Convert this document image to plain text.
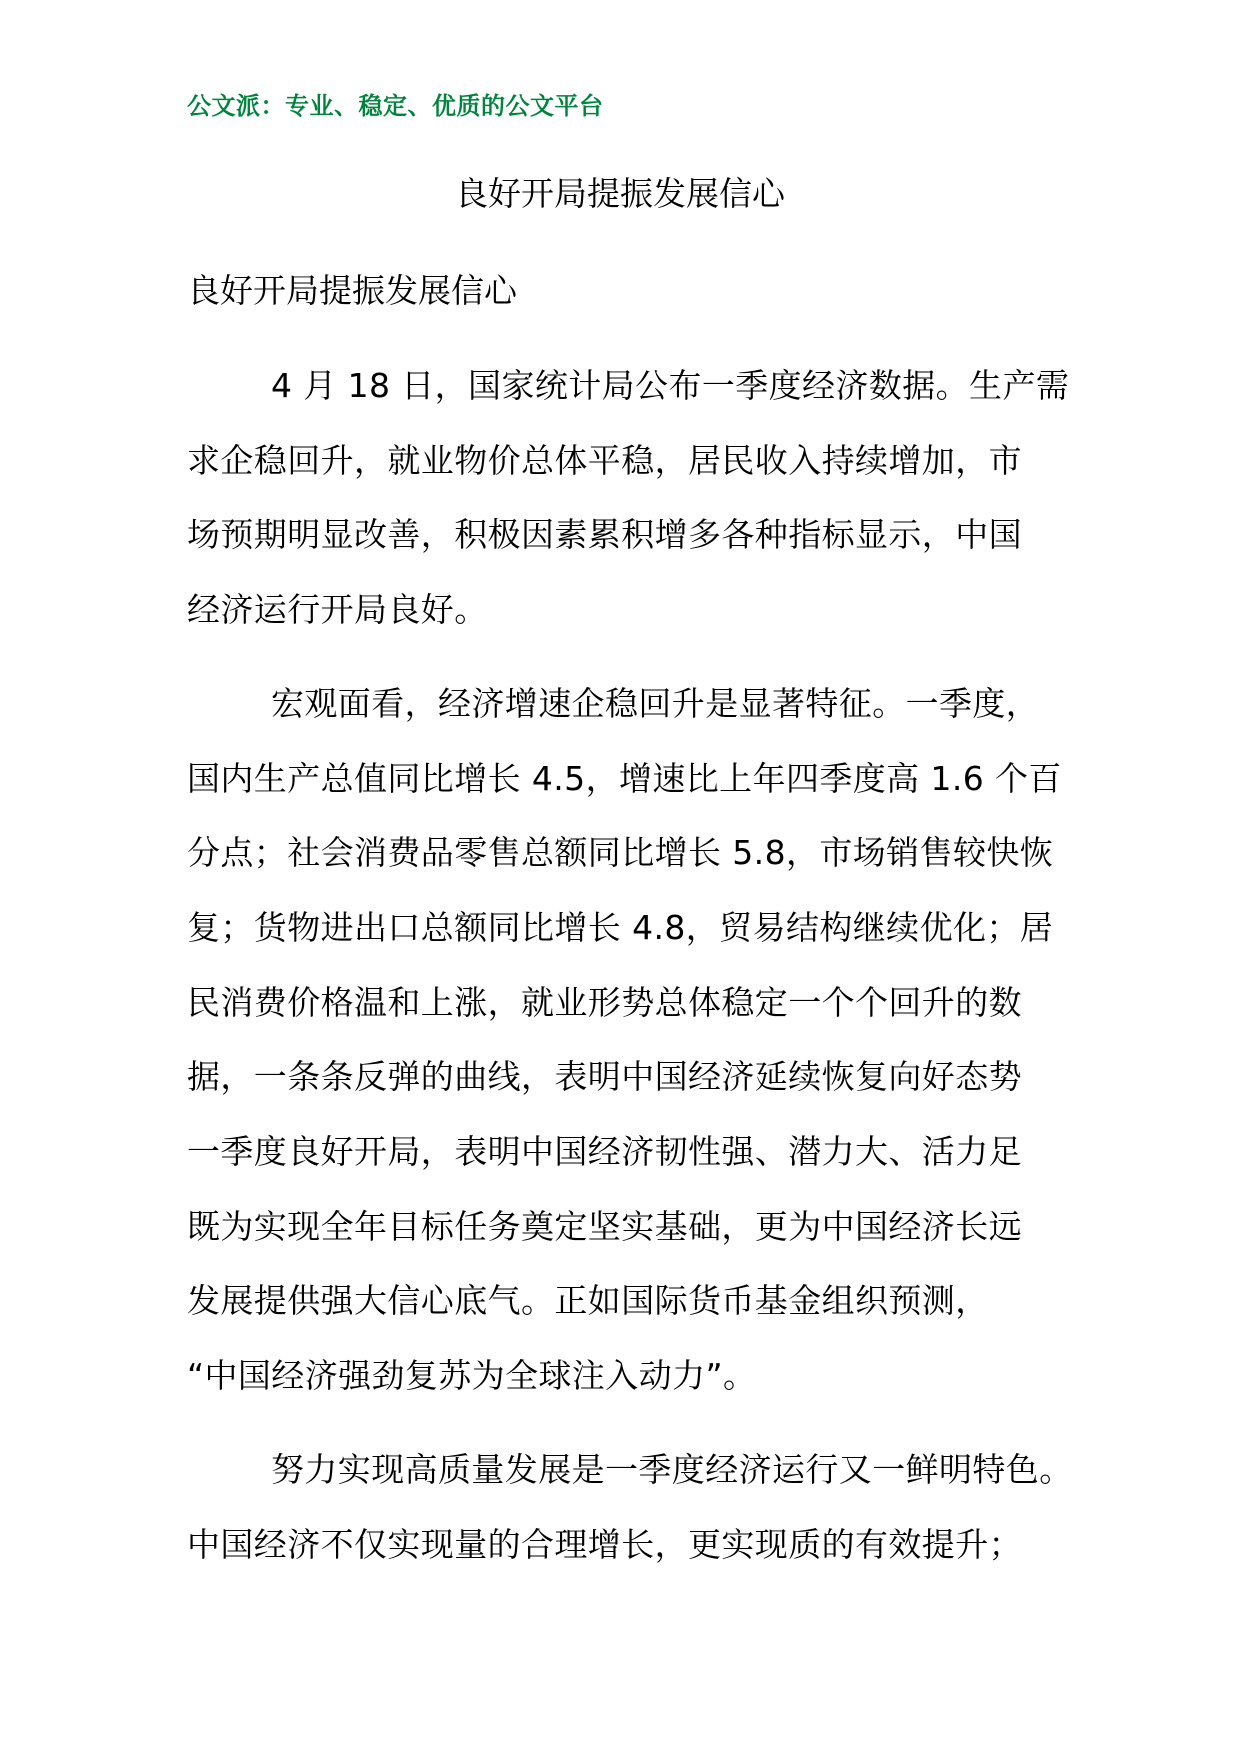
公文派：专业、稳定、优质的公文平台
良好开局提振发展信心
良好开局提振发展信心
4 月 18 日，国家统计局公布一季度经济数据。生产需
求企稳回升，就业物价总体平稳，居民收入持续增加，市
场预期明显改善，积极因素累积增多各种指标显示，中国
经济运行开局良好。
宏观面看，经济增速企稳回升是显著特征。一季度，
国内生产总值同比增长 4.5，增速比上年四季度高 1.6 个百
分点；社会消费品零售总额同比增长 5.8，市场销售较快恢
复；货物进出口总额同比增长 4.8，贸易结构继续优化；居
民消费价格温和上涨，就业形势总体稳定一个个回升的数
据，一条条反弹的曲线，表明中国经济延续恢复向好态势
一季度良好开局，表明中国经济韧性强、潜力大、活力足
既为实现全年目标任务奠定坚实基础，更为中国经济长远
发展提供强大信心底气。正如国际货币基金组织预测，
“中国经济强劲复苏为全球注入动力”。
努力实现高质量发展是一季度经济运行又一鲜明特色。
中国经济不仅实现量的合理增长，更实现质的有效提升；
